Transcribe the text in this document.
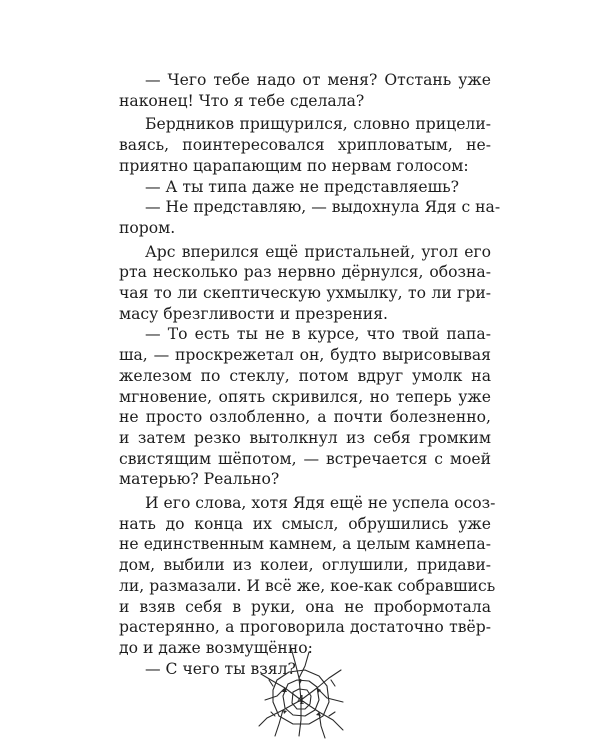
— Чего тебе надо от меня? Отстань уже
наконец! Что я тебе сделала?
Бердников прищурился, словно прицели-
ваясь, поинтересовался хрипловатым, не-
приятно царапающим по нервам голосом:
— А ты типа даже не представляешь?
— Не представляю, — выдохнула Ядя с на-
пором.
Арс вперился ещё пристальней, угол его
рта несколько раз нервно дёрнулся, обозна-
чая то ли скептическую ухмылку, то ли гри-
масу брезгливости и презрения.
— То есть ты не в курсе, что твой папа-
ша, — проскрежетал он, будто вырисовывая
железом по стеклу, потом вдруг умолк на
мгновение, опять скривился, но теперь уже
не просто озлобленно, а почти болезненно,
и затем резко вытолкнул из себя громким
свистящим шёпотом, — встречается с моей
матерью? Реально?
И его слова, хотя Ядя ещё не успела осоз-
нать до конца их смысл, обрушились уже
не единственным камнем, а целым камнепа-
дом, выбили из колеи, оглушили, придави-
ли, размазали. И всё же, кое-как собравшись
и взяв себя в руки, она не пробормотала
растерянно, а проговорила достаточно твёр-
до и даже возмущённо:
— С чего ты взял?
4
